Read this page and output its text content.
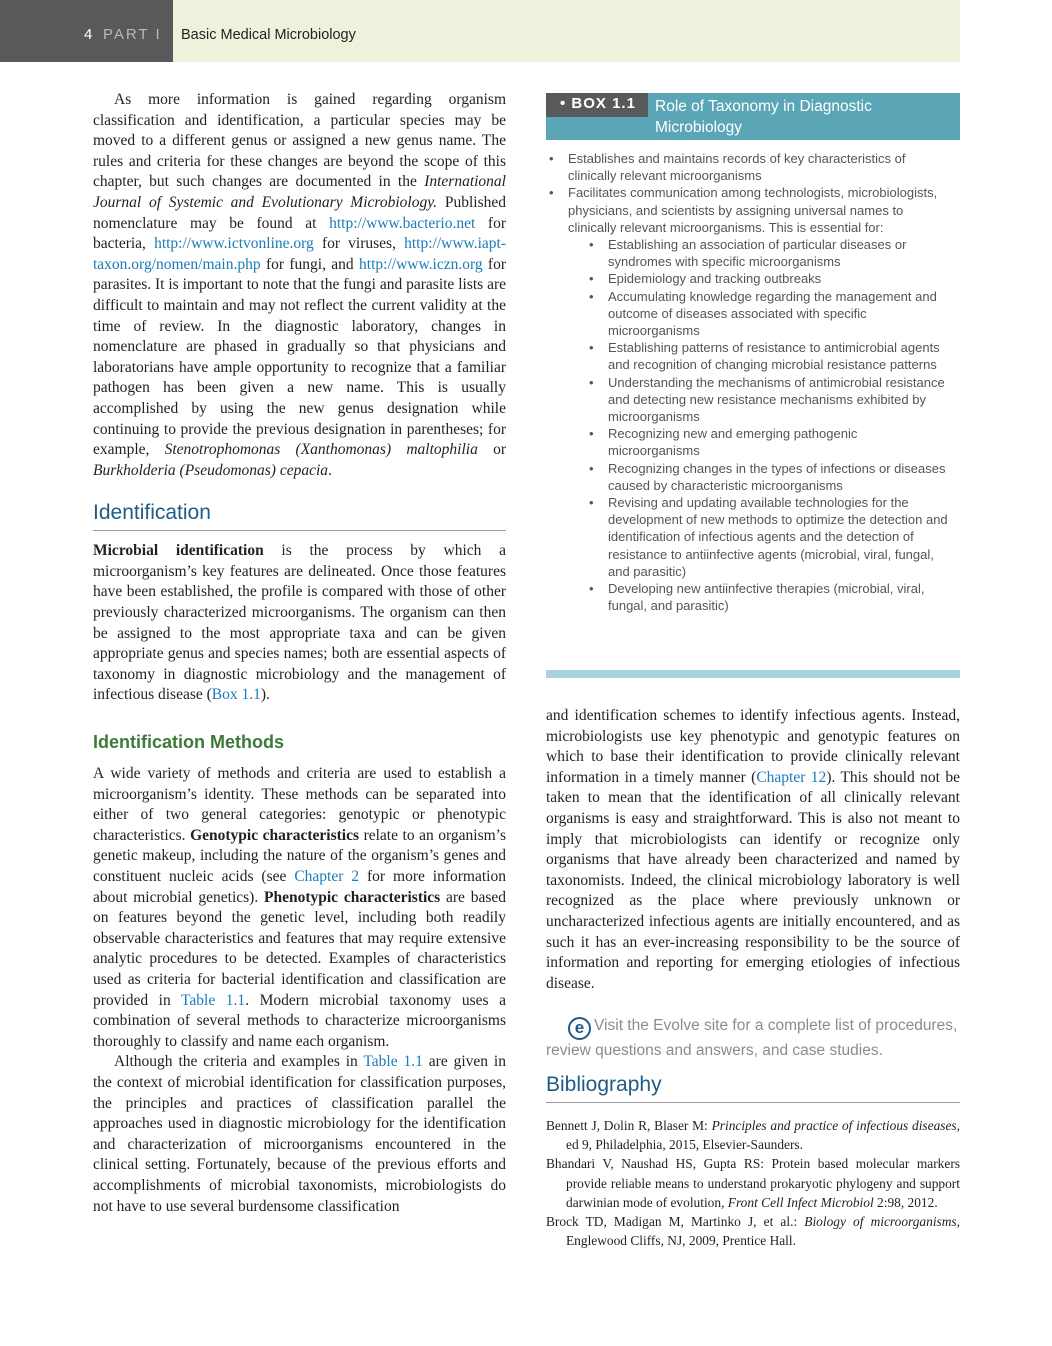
4 PART I Basic Medical Microbiology

As more information is gained regarding organism classification and identification, a particular species may be moved to a different genus or assigned a new genus name. The rules and criteria for these changes are beyond the scope of this chapter, but such changes are documented in the International Journal of Systemic and Evolutionary Microbiology. Published nomenclature may be found at http://www.bacterio.net for bacteria, http://www.ictvonline.org for viruses, http://www.iapt-taxon.org/nomen/main.php for fungi, and http://www.iczn.org for parasites. It is important to note that the fungi and parasite lists are difficult to maintain and may not reflect the current validity at the time of review. In the diagnostic laboratory, changes in nomenclature are phased in gradually so that physicians and laboratorians have ample opportunity to recognize that a familiar pathogen has been given a new name. This is usually accomplished by using the new genus designation while continuing to provide the previous designation in parentheses; for example, Stenotrophomonas (Xanthomonas) maltophilia or Burkholderia (Pseudomonas) cepacia.

Identification

Microbial identification is the process by which a microorganism’s key features are delineated. Once those features have been established, the profile is compared with those of other previously characterized microorganisms. The organism can then be assigned to the most appropriate taxa and can be given appropriate genus and species names; both are essential aspects of taxonomy in diagnostic microbiology and the management of infectious disease (Box 1.1).

Identification Methods

A wide variety of methods and criteria are used to establish a microorganism’s identity. These methods can be separated into either of two general categories: genotypic or phenotypic characteristics. Genotypic characteristics relate to an organism’s genetic makeup, including the nature of the organism’s genes and constituent nucleic acids (see Chapter 2 for more information about microbial genetics). Phenotypic characteristics are based on features beyond the genetic level, including both readily observable characteristics and features that may require extensive analytic procedures to be detected. Examples of characteristics used as criteria for bacterial identification and classification are provided in Table 1.1. Modern microbial taxonomy uses a combination of several methods to characterize microorganisms thoroughly to classify and name each organism.

Although the criteria and examples in Table 1.1 are given in the context of microbial identification for classification purposes, the principles and practices of classification parallel the approaches used in diagnostic microbiology for the identification and characterization of microorganisms encountered in the clinical setting. Fortunately, because of the previous efforts and accomplishments of microbial taxonomists, microbiologists do not have to use several burdensome classification

• BOX 1.1	Role of Taxonomy in Diagnostic Microbiology
• Establishes and maintains records of key characteristics of clinically relevant microorganisms
• Facilitates communication among technologists, microbiologists, physicians, and scientists by assigning universal names to clinically relevant microorganisms. This is essential for:
• Establishing an association of particular diseases or syndromes with specific microorganisms
• Epidemiology and tracking outbreaks
• Accumulating knowledge regarding the management and outcome of diseases associated with specific microorganisms
• Establishing patterns of resistance to antimicrobial agents and recognition of changing microbial resistance patterns
• Understanding the mechanisms of antimicrobial resistance and detecting new resistance mechanisms exhibited by microorganisms
• Recognizing new and emerging pathogenic microorganisms
• Recognizing changes in the types of infections or diseases caused by characteristic microorganisms
• Revising and updating available technologies for the development of new methods to optimize the detection and identification of infectious agents and the detection of resistance to antiinfective agents (microbial, viral, fungal, and parasitic)
• Developing new antiinfective therapies (microbial, viral, fungal, and parasitic)

and identification schemes to identify infectious agents. Instead, microbiologists use key phenotypic and genotypic features on which to base their identification to provide clinically relevant information in a timely manner (Chapter 12). This should not be taken to mean that the identification of all clinically relevant organisms is easy and straightforward. This is also not meant to imply that microbiologists can identify or recognize only organisms that have already been characterized and named by taxonomists. Indeed, the clinical microbiology laboratory is well recognized as the place where previously unknown or uncharacterized infectious agents are initially encountered, and as such it has an ever-increasing responsibility to be the source of information and reporting for emerging etiologies of infectious disease.

e Visit the Evolve site for a complete list of procedures, review questions and answers, and case studies.
Bibliography

Bennett J, Dolin R, Blaser M: Principles and practice of infectious diseases, ed 9, Philadelphia, 2015, Elsevier-Saunders.

Bhandari V, Naushad HS, Gupta RS: Protein based molecular markers provide reliable means to understand prokaryotic phylogeny and support darwinian mode of evolution, Front Cell Infect Microbiol 2:98, 2012.

Brock TD, Madigan M, Martinko J, et al.: Biology of microorganisms, Englewood Cliffs, NJ, 2009, Prentice Hall.
